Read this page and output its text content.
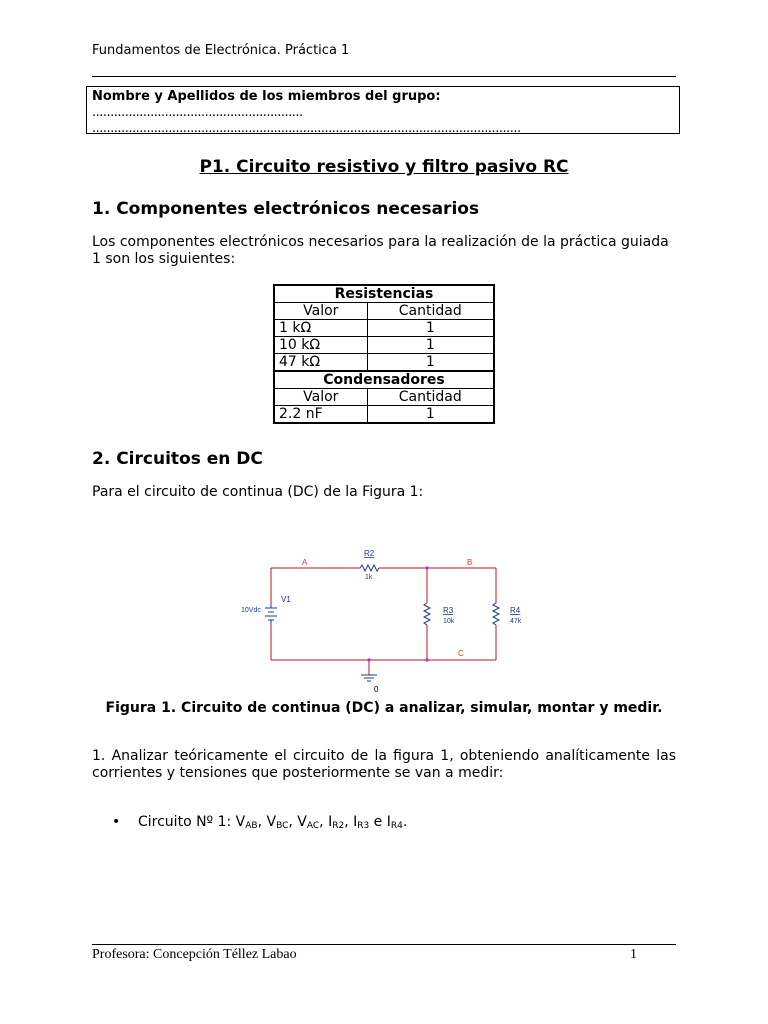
Fundamentos de Electrónica. Práctica 1
Nombre y Apellidos de los miembros del grupo:
..........................................................
......................................................................................................................
P1. Circuito resistivo y filtro pasivo RC
1. Componentes electrónicos necesarios
Los componentes electrónicos necesarios para la realización de la práctica guiada 1 son los siguientes:
Resistencias	
Valor	Cantidad
1 kΩ	1
10 kΩ	1
47 kΩ	1
Condensadores	
Valor	Cantidad
2.2 nF	1
2. Circuitos en DC
Para el circuito de continua (DC) de la Figura 1:
A	B
C
R2
1k
R3
10k
R4
47k
V1
10Vdc
0
Figura 1. Circuito de continua (DC) a analizar, simular, montar y medir.
1. Analizar teóricamente el circuito de la figura 1, obteniendo analíticamente las corrientes y tensiones que posteriormente se van a medir:
• Circuito Nº 1: $V_{AB}$, $V_{BC}$, $V_{AC}$, $I_{R2}$, $I_{R3}$ e $I_{R4}$.
Profesora: Concepción Téllez Labao	1
